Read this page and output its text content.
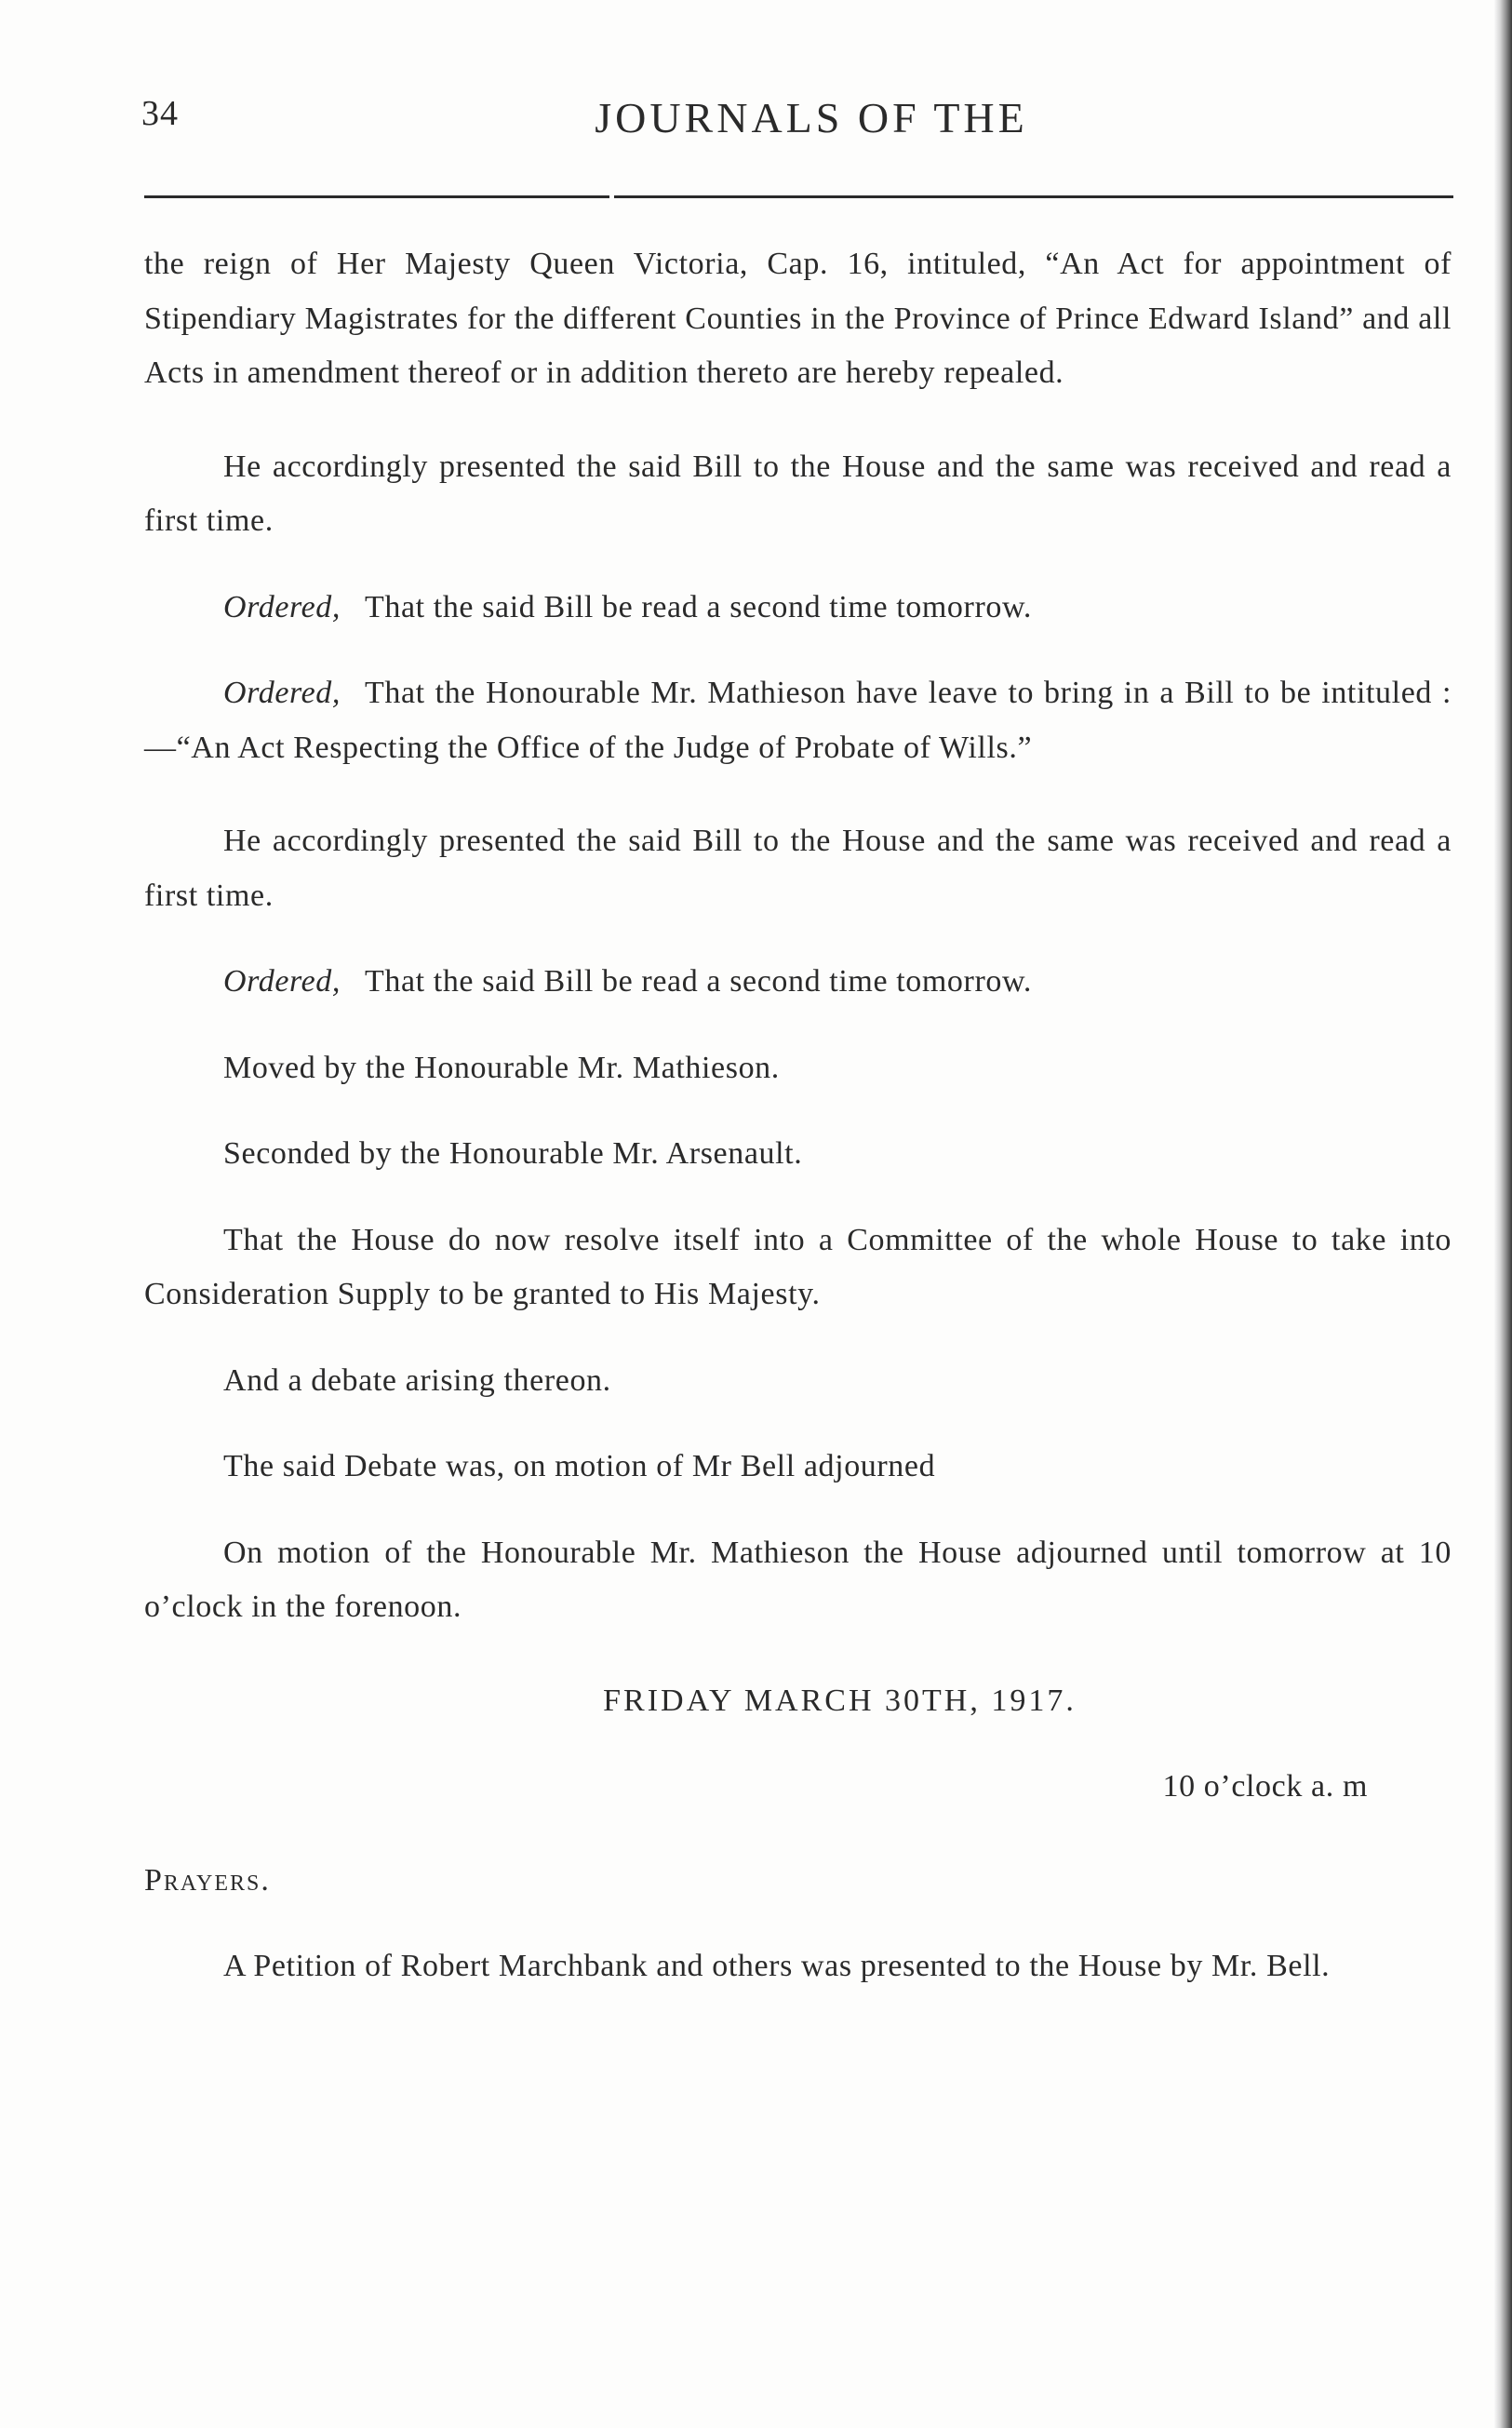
34	JOURNALS OF THE

the reign of Her Majesty Queen Victoria, Cap. 16, intituled, “An Act for appointment of Stipendiary Magistrates for the different Counties in the Province of Prince Edward Island” and all Acts in amendment thereof or in addition thereto are hereby repealed.

He accordingly presented the said Bill to the House and the same was received and read a first time.

Ordered, That the said Bill be read a second time tomorrow.

Ordered, That the Honourable Mr. Mathieson have leave to bring in a Bill to be intituled :—“An Act Respecting the Office of the Judge of Probate of Wills.”

He accordingly presented the said Bill to the House and the same was received and read a first time.

Ordered, That the said Bill be read a second time tomorrow.

Moved by the Honourable Mr. Mathieson.

Seconded by the Honourable Mr. Arsenault.

That the House do now resolve itself into a Committee of the whole House to take into Consideration Supply to be granted to His Majesty.

And a debate arising thereon.

The said Debate was, on motion of Mr Bell adjourned

On motion of the Honourable Mr. Mathieson the House adjourned until tomorrow at 10 o’clock in the forenoon.

FRIDAY MARCH 30TH, 1917.

10 o’clock a. m

Prayers.

A Petition of Robert Marchbank and others was presented to the House by Mr. Bell.
